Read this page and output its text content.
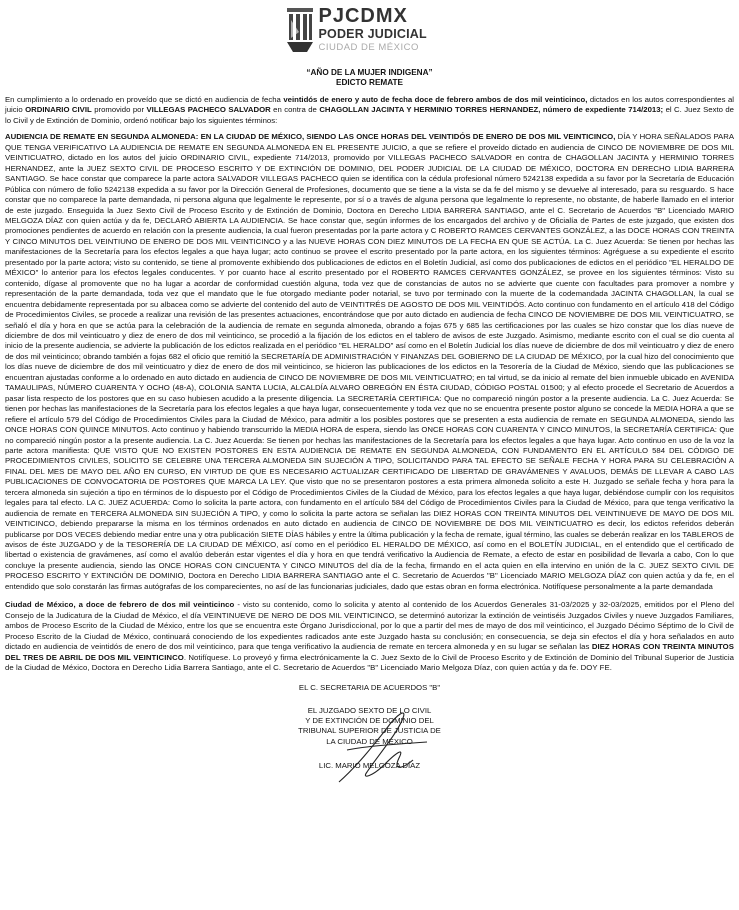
PJCDMX
PODER JUDICIAL
CIUDAD DE MÉXICO
“AÑO DE LA MUJER INDIGENA”
EDICTO REMATE

En cumplimiento a lo ordenado en proveído que se dictó en audiencia de fecha veintidós de enero y auto de fecha doce de febrero ambos de dos mil veinticinco, dictados en los autos correspondientes al juicio ORDINARIO CIVIL promovido por VILLEGAS PACHECO SALVADOR en contra de CHAGOLLAN JACINTA Y HERMINIO TORRES HERNANDEZ, número de expediente 714/2013; el C. Juez Sexto de lo Civil y de Extinción de Dominio, ordenó notificar bajo los siguientes términos:

AUDIENCIA DE REMATE EN SEGUNDA ALMONEDA: EN LA CIUDAD DE MÉXICO, SIENDO LAS ONCE HORAS DEL VEINTIDÓS DE ENERO DE DOS MIL VEINTICINCO, DÍA Y HORA SEÑALADOS PARA QUE TENGA VERIFICATIVO LA AUDIENCIA DE REMATE EN SEGUNDA ALMONEDA EN EL PRESENTE JUICIO, a que se refiere el proveído dictado en audiencia de CINCO DE NOVIEMBRE DE DOS MIL VEINTICUATRO, dictado en los autos del juicio ORDINARIO CIVIL, expediente 714/2013, promovido por VILLEGAS PACHECO SALVADOR en contra de CHAGOLLAN JACINTA y HERMINIO TORRES HERNANDEZ, ante la JUEZ SEXTO CIVIL DE PROCESO ESCRITO Y DE EXTINCIÓN DE DOMINIO, DEL PODER JUDICIAL DE LA CIUDAD DE MÉXICO, DOCTORA EN DERECHO LIDIA BARRERA SANTIAGO. Se hace constar que comparece la parte actora SALVADOR VILLEGAS PACHECO quien se identifica con la cédula profesional número 5242138 expedida a su favor por la Secretaría de Educación Pública con número de folio 5242138 expedida a su favor por la Dirección General de Profesiones, documento que se tiene a la vista se da fe del mismo y se devuelve al interesado, para su resguardo. S hace constar que no comparece la parte demandada, ni persona alguna que legalmente le represente, por sí o a través de alguna persona que legalmente lo represente, no obstante, de haberle llamado en el interior de este juzgado. Enseguida la Juez Sexto Civil de Proceso Escrito y de Extinción de Dominio, Doctora en Derecho LIDIA BARRERA SANTIAGO, ante el C. Secretario de Acuerdos "B" Licenciado MARIO MELGOZA DÍAZ con quien actúa y da fe, DECLARÓ ABIERTA LA AUDIENCIA. Se hace constar que, según informes de los encargados del archivo y de Oficialía de Partes de este juzgado, que existen dos promociones pendientes de acuerdo en relación con la presente audiencia, la cual fueron presentadas por la parte actora y C ROBERTO RAMCES CERVANTES GONZÁLEZ, a las DOCE HORAS CON TREINTA Y CINCO MINUTOS DEL VEINTIUNO DE ENERO DE DOS MIL VEINTICINCO y a las NUEVE HORAS CON DIEZ MINUTOS DE LA FECHA EN QUE SE ACTÚA. La C. Juez Acuerda: Se tienen por hechas las manifestaciones de la Secretaría para los efectos legales a que haya lugar; acto continuo se provee el escrito presentado por la parte actora, en los siguientes términos: Agréguese a su expediente el escrito presentado por la parte actora; visto su contenido, se tiene al promovente exhibiendo dos publicaciones de edictos en el Boletín Judicial, así como dos publicaciones de edictos en el periódico "EL HERALDO DE MÉXICO" lo anterior para los efectos legales conducentes. Y por cuanto hace al escrito presentado por el ROBERTO RAMCES CERVANTES GONZÁLEZ, se provee en los siguientes términos: Visto su contenido, dígase al promovente que no ha lugar a acordar de conformidad cuestión alguna, toda vez que de constancias de autos no se advierte que cuente con facultades para promover a nombre y representación de la parte demandada, toda vez que el mandato que le fue otorgado mediante poder notarial, se tuvo por terminado con la muerte de la codemandada JACINTA CHAGOLLAN, la cual se encuentra debidamente representada por su albacea como se advierte del contenido del auto de VEINTITRÉS DE AGOSTO DE DOS MIL VEINTIDÓS. Acto continuo con fundamento en el artículo 418 del Código de Procedimientos Civiles, se procede a realizar una revisión de las presentes actuaciones, encontrándose que por auto dictado en audiencia de fecha CINCO DE NOVIEMBRE DE DOS MIL VEINTICUATRO, se señaló el día y hora en que se actúa para la celebración de la audiencia de remate en segunda almoneda, obrando a fojas 675 y 685 las certificaciones por las cuales se hizo constar que los días nueve de diciembre de dos mil veinticuatro y diez de enero de dos mil veinticinco, se procedió a la fijación de los edictos en el tablero de avisos de este Juzgado. Asimismo, mediante escrito con el cual se dio cuenta al inicio de la presente audiencia, se advierte la publicación de los edictos realizada en el periódico "EL HERALDO" así como en el Boletín Judicial los días nueve de diciembre de dos mil veinticuatro y diez de enero de dos mil veinticinco; obrando también a fojas 682 el oficio que remitió la SECRETARÍA DE ADMINISTRACIÓN Y FINANZAS DEL GOBIERNO DE LA CIUDAD DE MÉXICO, por la cual hizo del conocimiento que los días nueve de diciembre de dos mil veinticuatro y diez de enero de dos mil veinticinco, se hicieron las publicaciones de los edictos en la Tesorería de la Ciudad de México, siendo que las publicaciones se encuentran ajustadas conforme a lo ordenado en auto dictado en audiencia de CINCO DE NOVIEMBRE DE DOS MIL VEINTICUATRO; en tal virtud, se da inicio al remate del bien inmueble ubicado en AVENIDA TAMAULIPAS, NÚMERO CUARENTA Y OCHO (48-A), COLONIA SANTA LUCIA, ALCALDÍA ALVARO OBREGÓN EN ÉSTA CIUDAD, CÓDIGO POSTAL 01500; y al efecto procede el Secretario de Acuerdos a pasar lista respecto de los postores que en su caso hubiesen acudido a la presente diligencia. La SECRETARÍA CERTIFICA: Que no compareció ningún postor a la presente audiencia. La C. Juez Acuerda: Se tienen por hechas las manifestaciones de la Secretaría para los efectos legales a que haya lugar, consecuentemente y toda vez que no se encuentra presente postor alguno se concede la MEDIA HORA a que se refiere el artículo 579 del Código de Procedimientos Civiles para la Ciudad de México, para admitir a los posibles postores que se presenten a esta audiencia de remate en SEGUNDA ALMONEDA, siendo las ONCE HORAS CON QUINCE MINUTOS. Acto continuo y habiendo transcurrido la MEDIA HORA de espera, siendo las ONCE HORAS CON CUARENTA Y CINCO MINUTOS, la SECRETARÍA CERTIFICA: Que no compareció ningún postor a la presente audiencia. La C. Juez Acuerda: Se tienen por hechas las manifestaciones de la Secretaría para los efectos legales a que haya lugar. Acto continuo en uso de la voz la parte actora manifiesta: QUE VISTO QUE NO EXISTEN POSTORES EN ESTA AUDIENCIA DE REMATE EN SEGUNDA ALMONEDA, CON FUNDAMENTO EN EL ARTÍCULO 584 DEL CÓDIGO DE PROCEDIMIENTOS CIVILES, SOLICITO SE CELEBRE UNA TERCERA ALMONEDA SIN SUJECIÓN A TIPO, SOLICITANDO PARA TAL EFECTO SE SEÑALE FECHA Y HORA PARA SU CELEBRACIÓN A FINAL DEL MES DE MAYO DEL AÑO EN CURSO, EN VIRTUD DE QUE ES NECESARIO ACTUALIZAR CERTIFICADO DE LIBERTAD DE GRAVÁMENES Y AVALUOS, DEMÁS DE LLEVAR A CABO LAS PUBLICACIONES DE CONVOCATORIA DE POSTORES QUE MARCA LA LEY. Que visto que no se presentaron postores a esta primera almoneda solicito a este H. Juzgado se señale fecha y hora para la tercera almoneda sin sujeción a tipo en términos de lo dispuesto por el Código de Procedimientos Civiles de la Ciudad de México, para los efectos legales a que haya lugar, debiéndose cumplir con los requisitos legales para tal efecto. LA C. JUEZ ACUERDA: Como lo solicita la parte actora, con fundamento en el artículo 584 del Código de Procedimientos Civiles para la Ciudad de México, para que tenga verificativo la audiencia de remate en TERCERA ALMONEDA SIN SUJECIÓN A TIPO, y como lo solicita la parte actora se señalan las DIEZ HORAS CON TREINTA MINUTOS DEL VEINTINUEVE DE MAYO DE DOS MIL VEINTICINCO, debiendo prepararse la misma en los términos ordenados en auto dictado en audiencia de CINCO DE NOVIEMBRE DE DOS MIL VEINTICUATRO es decir, los edictos referidos deberán publicarse por DOS VECES debiendo mediar entre una y otra publicación SIETE DÍAS hábiles y entre la última publicación y la fecha de remate, igual término, las cuales se deberán realizar en los TABLEROS de avisos de éste JUZGADO y de la TESORERÍA DE LA CIUDAD DE MÉXICO, así como en el periódico EL HERALDO DE MÉXICO, así como en el BOLETÍN JUDICIAL, en el entendido que el certificado de libertad o existencia de gravámenes, así como el avalúo deberán estar vigentes el día y hora en que tendrá verificativo la Audiencia de Remate, a efecto de estar en posibilidad de llevarla a cabo, Con lo que concluye la presente audiencia, siendo las ONCE HORAS CON CINCUENTA Y CINCO MINUTOS del día de la fecha, firmando en el acta quien en ella intervino en unión de la C. JUEZ SEXTO CIVIL DE PROCESO ESCRITO Y EXTINCIÓN DE DOMINIO, Doctora en Derecho LIDIA BARRERA SANTIAGO ante el C. Secretario de Acuerdos "B" Licenciado MARIO MELGOZA DÍAZ con quien actúa y da fe, en el entendido que solo constarán las firmas autógrafas de los comparecientes, no así de las funcionarias judiciales, dado que estas obran en forma electrónica. Notifíquese personalmente a la parte demandada

Ciudad de México, a doce de febrero de dos mil veinticinco - visto su contenido, como lo solicita y atento al contenido de los Acuerdos Generales 31-03/2025 y 32-03/2025, emitidos por el Pleno del Consejo de la Judicatura de la Ciudad de México, el día VEINTINUEVE DE NERO DE DOS MIL VEINTICINCO, se determinó autorizar la extinción de veintiséis Juzgados Civiles y nueve Juzgados Familiares, ambos de Proceso Escrito de la Ciudad de México, entre los que se encuentra este Órgano Jurisdiccional, por lo que a partir del mes de mayo de dos mil veinticinco, el Juzgado Décimo Séptimo de lo Civil de Proceso Escrito de la Ciudad de México, continuará conociendo de los expedientes radicados ante este Juzgado hasta su conclusión; en consecuencia, se deja sin efectos el día y hora señalados en auto dictado en audiencia de veintidós de enero de dos mil veinticinco, para que tenga verificativo la audiencia de remate en tercera almoneda y en su lugar se señalan las DIEZ HORAS CON TREINTA MINUTOS DEL TRES DE ABRIL DE DOS MIL VEINTICINCO. Notifíquese. Lo proveyó y firma electrónicamente la C. Juez Sexto de lo Civil de Proceso Escrito y de Extinción de Dominio del Tribunal Superior de Justicia de la Ciudad de México, Doctora en Derecho Lidia Barrera Santiago, ante el C. Secretario de Acuerdos "B" Licenciado Mario Melgoza Díaz, con quien actúa y da fe. DOY FE.

EL C. SECRETARIA DE ACUERDOS "B"
EL JUZGADO SEXTO DE LO CIVIL
Y DE EXTINCIÓN DE DOMINIO DEL
TRIBUNAL SUPERIOR DE JUSTICIA DE
LA CIUDAD DE MÉXICO
LIC. MARIO MELGOZA DÍAZ
